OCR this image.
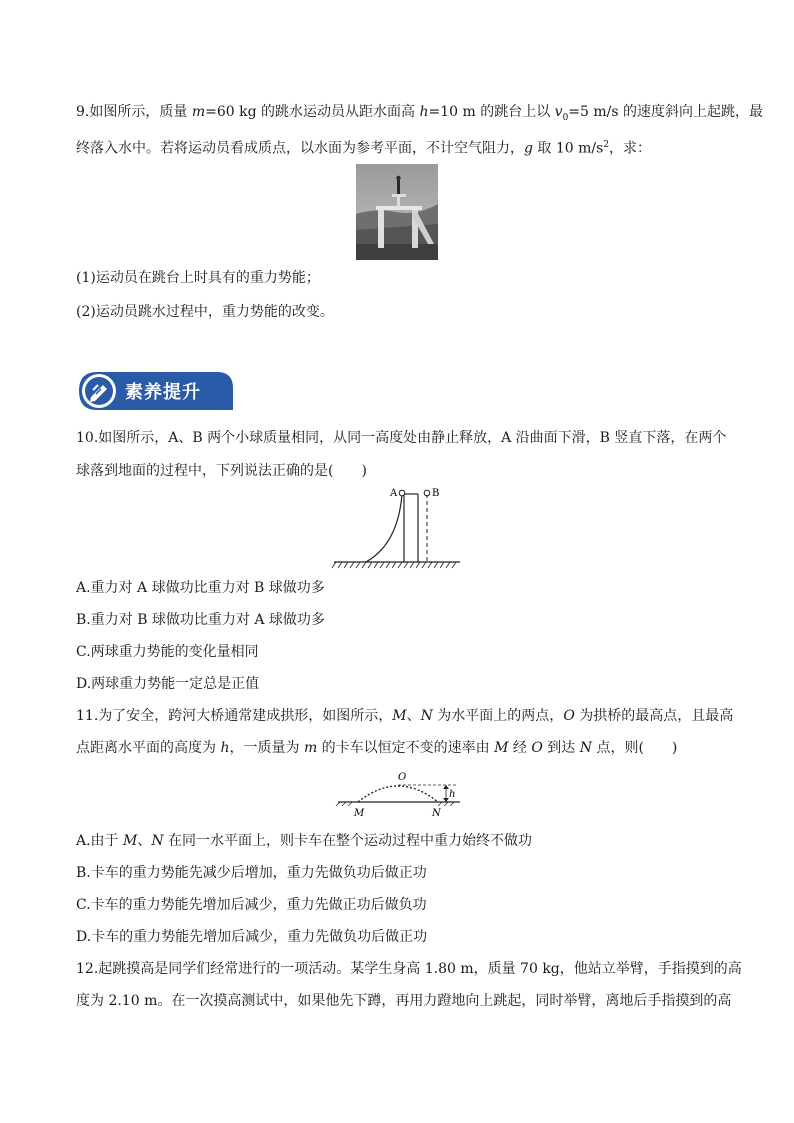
9.如图所示，质量 m=60 kg 的跳水运动员从距水面高 h=10 m 的跳台上以 $v_0=5$ m/s 的速度斜向上起跳，最
终落入水中。若将运动员看成质点，以水面为参考平面，不计空气阻力，g 取 10 $m/s^2$，求：
(1)运动员在跳台上时具有的重力势能；
(2)运动员跳水过程中，重力势能的改变。
素养提升
10.如图所示，A、B 两个小球质量相同，从同一高度处由静止释放，A 沿曲面下滑，B 竖直下落，在两个
球落到地面的过程中，下列说法正确的是(　　)
A	B
A.重力对 A 球做功比重力对 B 球做功多
B.重力对 B 球做功比重力对 A 球做功多
C.两球重力势能的变化量相同
D.两球重力势能一定总是正值
11.为了安全，跨河大桥通常建成拱形，如图所示，M、N 为水平面上的两点，O 为拱桥的最高点，且最高
点距离水平面的高度为 h，一质量为 m 的卡车以恒定不变的速率由 M 经 O 到达 N 点，则(　　)
O
h
M	N
A.由于 M、N 在同一水平面上，则卡车在整个运动过程中重力始终不做功
B.卡车的重力势能先减少后增加，重力先做负功后做正功
C.卡车的重力势能先增加后减少，重力先做正功后做负功
D.卡车的重力势能先增加后减少，重力先做负功后做正功
12.起跳摸高是同学们经常进行的一项活动。某学生身高 1.80 m，质量 70 kg，他站立举臂，手指摸到的高
度为 2.10 m。在一次摸高测试中，如果他先下蹲，再用力蹬地向上跳起，同时举臂，离地后手指摸到的高
